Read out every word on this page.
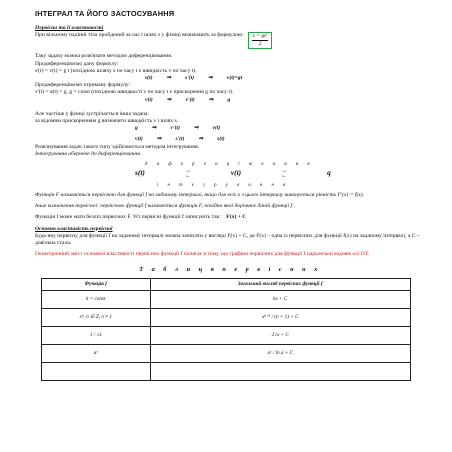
ІНТЕГРАЛ ТА ЙОГО ЗАСТОСУВАННЯ

Первісна та її властивості

При вільному падінні тіла пройдений за час t шлях s у фізиці визначають за формулою: $\frac{\text{s = gt²}}{2}$

Таку задачу можна розв'язати методом диференціювання.

Продиференціюємо дану формулу:

s'(t) = v(t) = g t (похідною шляху s по часу t є швидкість v по часу t).

s(t)	⇒	s'(t)	⇒	v(t)=gt

Продиференціюємо отриману формулу:

v'(t) = a(t) = g, g = const (похідною швидкості v по часу t є прискорення g по часу t).

v(t)	⇒	v'(t)	⇒	g

Але частіше у фізиці зустрічається інша задача:

за відомим прискоренням g визначити швидкість v і шлях s.

g	⇒	v'(t)	⇒	v(t)
v(t)	⇒	s'(t)	⇒	s(t)

Розв'язування задач такого типу здійснюється методом інтегрування.

Інтегрування обернене до диференціювання.

д и ф е р е н ц і ю в а н н я
s(t)	→
←	v(t)	→
←	q
і н т е г р у в а н н я

Функція F називається первісною для функції f на заданому інтервалі, якщо для всіх x з цього інтервалу виконується рівність F'(x) = f(x).

Інше визначення первісної: первісною функції f називається функція F, похідна якої дорівнює даній функції f.

Функція f може мати безліч первісних F. Усі первісні функції f записують так: F(x) + C

Основна властивість первісної

Будь-яку первісну для функції f на заданому інтервалі можна записати у вигляді F(x) + C, де F(x) – одна із первісних для функції f(x) на заданому інтервалі, а C – довільна стала.

Геометричний зміст основної властивості первісних функції f полягає в тому, що графіки первісних для функції f паралельні вздовж осі OY.

Т а б л и ц я п е р в і с н и х

Функція f	Загальний вигляд первісних функції f
k = const	kx + C
xⁿ, n ∈ Z, n ≠ 1	xⁿ⁺¹ / (n + 1) + C
1 / √x	2√x + C
aˣ	aˣ / ln a + C
